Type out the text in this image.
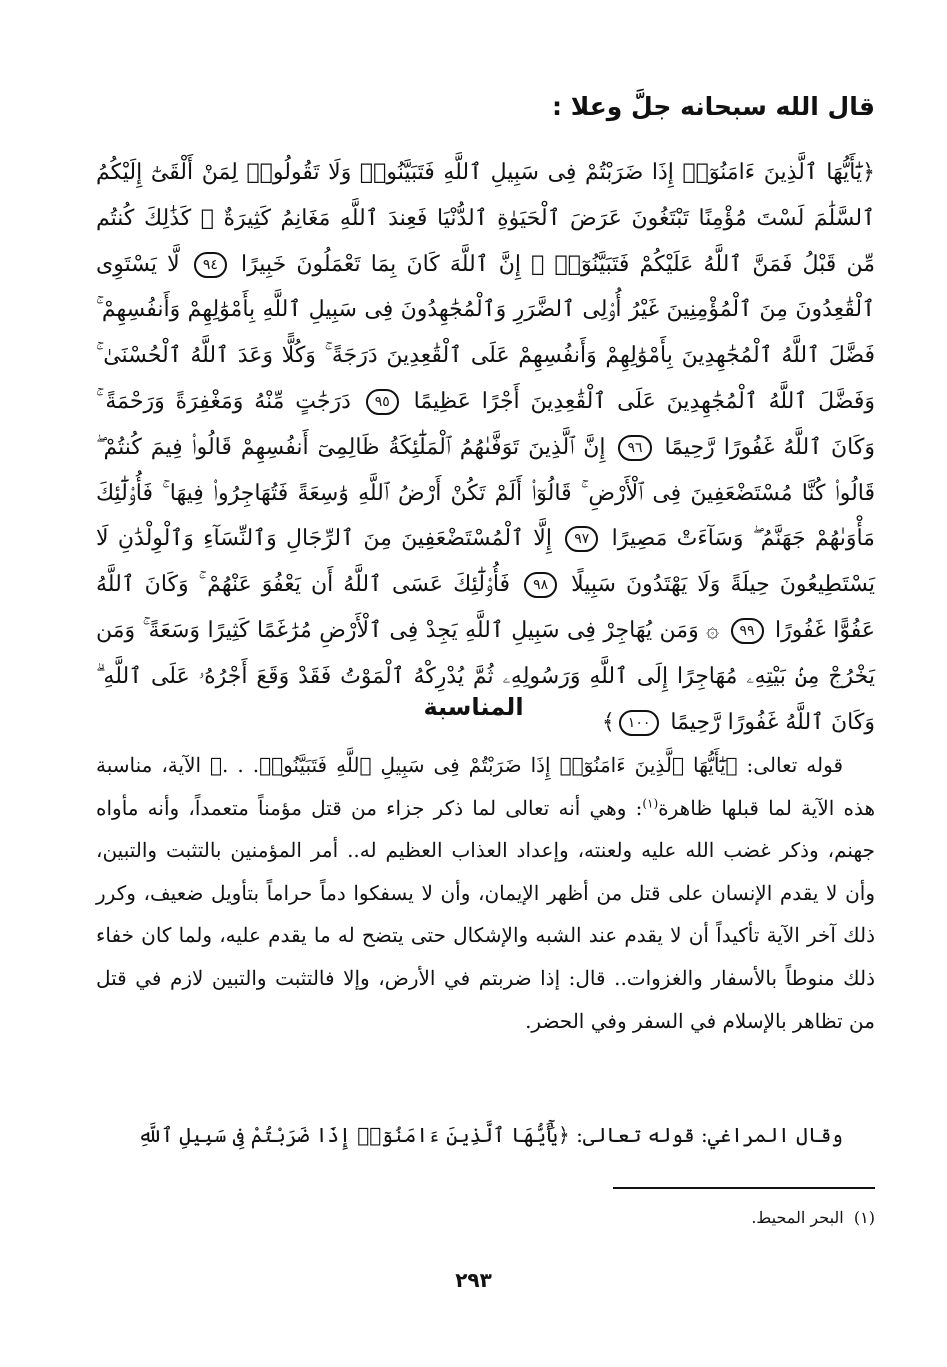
قال الله سبحانه جلَّ وعلا :
﴿يَٰٓأَيُّهَا ٱلَّذِينَ ءَامَنُوٓا۟ إِذَا ضَرَبْتُمْ فِى سَبِيلِ ٱللَّهِ فَتَبَيَّنُوا۟ وَلَا تَقُولُوا۟ لِمَنْ أَلْقَىٰٓ إِلَيْكُمُ ٱلسَّلَٰمَ لَسْتَ مُؤْمِنًا تَبْتَغُونَ عَرَضَ ٱلْحَيَوٰةِ ٱلدُّنْيَا فَعِندَ ٱللَّهِ مَغَانِمُ كَثِيرَةٌ ۚ كَذَٰلِكَ كُنتُم مِّن قَبْلُ فَمَنَّ ٱللَّهُ عَلَيْكُمْ فَتَبَيَّنُوٓا۟ ۚ إِنَّ ٱللَّهَ كَانَ بِمَا تَعْمَلُونَ خَبِيرًا ٩٤ لَّا يَسْتَوِى ٱلْقَٰعِدُونَ مِنَ ٱلْمُؤْمِنِينَ غَيْرُ أُو۟لِى ٱلضَّرَرِ وَٱلْمُجَٰهِدُونَ فِى سَبِيلِ ٱللَّهِ بِأَمْوَٰلِهِمْ وَأَنفُسِهِمْ ۚ فَضَّلَ ٱللَّهُ ٱلْمُجَٰهِدِينَ بِأَمْوَٰلِهِمْ وَأَنفُسِهِمْ عَلَى ٱلْقَٰعِدِينَ دَرَجَةً ۚ وَكُلًّا وَعَدَ ٱللَّهُ ٱلْحُسْنَىٰ ۚ وَفَضَّلَ ٱللَّهُ ٱلْمُجَٰهِدِينَ عَلَى ٱلْقَٰعِدِينَ أَجْرًا عَظِيمًا ٩٥ دَرَجَٰتٍ مِّنْهُ وَمَغْفِرَةً وَرَحْمَةً ۚ وَكَانَ ٱللَّهُ غَفُورًا رَّحِيمًا ٩٦ إِنَّ ٱلَّذِينَ تَوَفَّىٰهُمُ ٱلْمَلَٰٓئِكَةُ ظَالِمِىٓ أَنفُسِهِمْ قَالُوا۟ فِيمَ كُنتُمْ ۖ قَالُوا۟ كُنَّا مُسْتَضْعَفِينَ فِى ٱلْأَرْضِ ۚ قَالُوٓا۟ أَلَمْ تَكُنْ أَرْضُ ٱللَّهِ وَٰسِعَةً فَتُهَاجِرُوا۟ فِيهَا ۚ فَأُو۟لَٰٓئِكَ مَأْوَىٰهُمْ جَهَنَّمُ ۖ وَسَآءَتْ مَصِيرًا ٩٧ إِلَّا ٱلْمُسْتَضْعَفِينَ مِنَ ٱلرِّجَالِ وَٱلنِّسَآءِ وَٱلْوِلْدَٰنِ لَا يَسْتَطِيعُونَ حِيلَةً وَلَا يَهْتَدُونَ سَبِيلًا ٩٨ فَأُو۟لَٰٓئِكَ عَسَى ٱللَّهُ أَن يَعْفُوَ عَنْهُمْ ۚ وَكَانَ ٱللَّهُ عَفُوًّا غَفُورًا ٩٩ ۞ وَمَن يُهَاجِرْ فِى سَبِيلِ ٱللَّهِ يَجِدْ فِى ٱلْأَرْضِ مُرَٰغَمًا كَثِيرًا وَسَعَةً ۚ وَمَن يَخْرُجْ مِنۢ بَيْتِهِۦ مُهَاجِرًا إِلَى ٱللَّهِ وَرَسُولِهِۦ ثُمَّ يُدْرِكْهُ ٱلْمَوْتُ فَقَدْ وَقَعَ أَجْرُهُۥ عَلَى ٱللَّهِ ۗ وَكَانَ ٱللَّهُ غَفُورًا رَّحِيمًا ١٠٠﴾
المناسبة
قوله تعالى: ﴿يَٰٓأَيُّهَا ٱلَّذِينَ ءَامَنُوٓا۟ إِذَا ضَرَبْتُمْ فِى سَبِيلِ ٱللَّهِ فَتَبَيَّنُوا۟. . .﴾ الآية، مناسبة هذه الآية لما قبلها ظاهرة$^{(١)}$: وهي أنه تعالى لما ذكر جزاء من قتل مؤمناً متعمداً، وأنه مأواه جهنم، وذكر غضب الله عليه ولعنته، وإعداد العذاب العظيم له.. أمر المؤمنين بالتثبت والتبين، وأن لا يقدم الإنسان على قتل من أظهر الإيمان، وأن لا يسفكوا دماً حراماً بتأويل ضعيف، وكرر ذلك آخر الآية تأكيداً أن لا يقدم عند الشبه والإشكال حتى يتضح له ما يقدم عليه، ولما كان خفاء ذلك منوطاً بالأسفار والغزوات.. قال: إذا ضربتم في الأرض، وإلا فالتثبت والتبين لازم في قتل من تظاهر بالإسلام في السفر وفي الحضر.
وقال المراغي: قوله تعالى: ﴿يَٰٓأَيُّهَا ٱلَّذِينَ ءَامَنُوٓا۟ إِذَا ضَرَبْتُمْ فِى سَبِيلِ ٱللَّهِ
(١)  البحر المحيط.
٢٩٣
